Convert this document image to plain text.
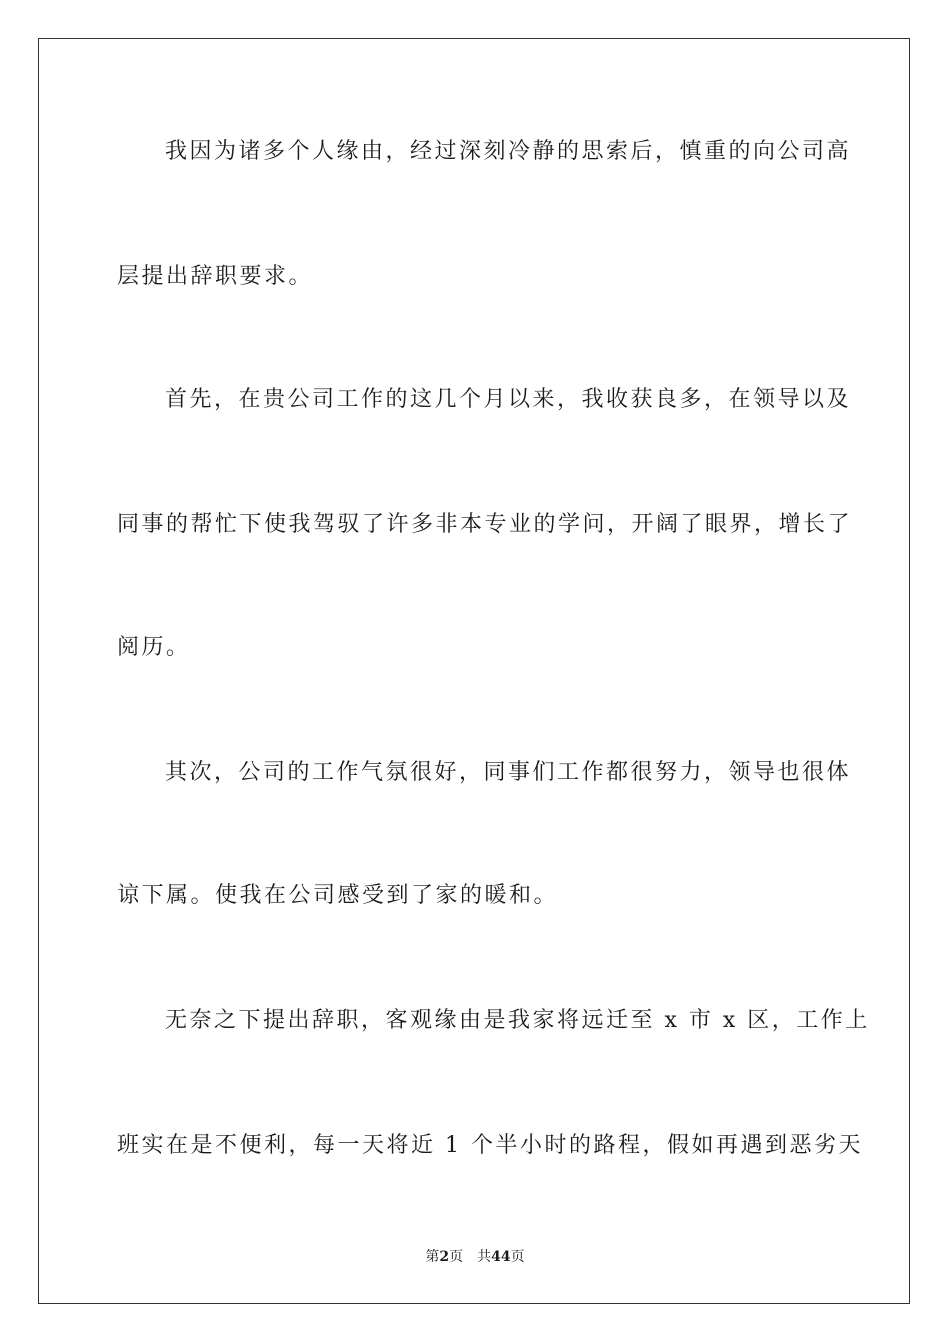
我因为诸多个人缘由，经过深刻冷静的思索后，慎重的向公司高
层提出辞职要求。
首先，在贵公司工作的这几个月以来，我收获良多，在领导以及
同事的帮忙下使我驾驭了许多非本专业的学问，开阔了眼界，增长了
阅历。
其次，公司的工作气氛很好，同事们工作都很努力，领导也很体
谅下属。使我在公司感受到了家的暖和。
无奈之下提出辞职，客观缘由是我家将远迁至 x 市 x 区，工作上
班实在是不便利，每一天将近 1 个半小时的路程，假如再遇到恶劣天
第2页 共44页
